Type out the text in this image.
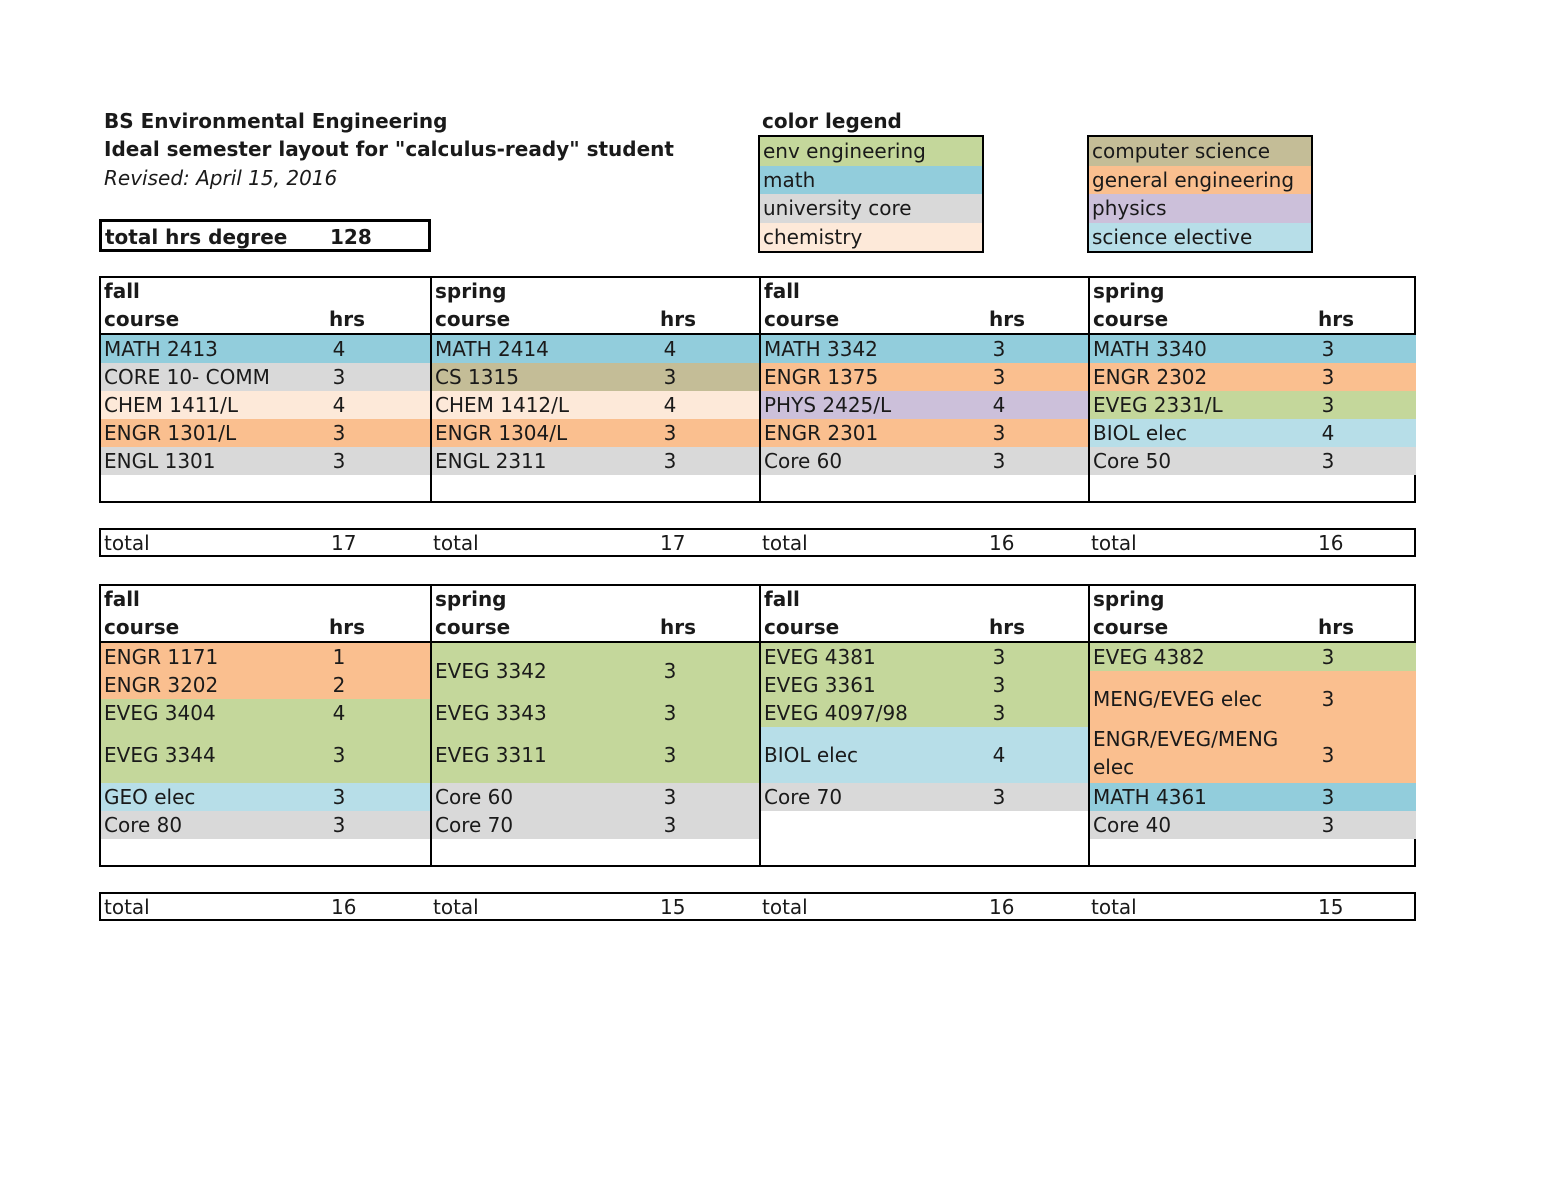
BS Environmental Engineering
Ideal semester layout for "calculus-ready" student
Revised: April 15, 2016
total hrs degree 128
color legend
env engineering
math
university core
chemistry
computer science
general engineering
physics
science elective
fall
course	hrs
MATH 2413	4
CORE 10- COMM	3
CHEM 1411/L	4
ENGR 1301/L	3
ENGL 1301	3
spring
course	hrs
MATH 2414	4
CS 1315	3
CHEM 1412/L	4
ENGR 1304/L	3
ENGL 2311	3
fall
course	hrs
MATH 3342	3
ENGR 1375	3
PHYS 2425/L	4
ENGR 2301	3
Core 60	3
spring
course	hrs
MATH 3340	3
ENGR 2302	3
EVEG 2331/L	3
BIOL elec	4
Core 50	3
total	17	total	17	total	16	total	16
fall
course	hrs
ENGR 1171	1
ENGR 3202	2
EVEG 3404	4
EVEG 3344	3
GEO elec	3
Core 80	3
spring
course	hrs
EVEG 3342	3
EVEG 3343	3
EVEG 3311	3
Core 60	3
Core 70	3
fall
course	hrs
EVEG 4381	3
EVEG 3361	3
EVEG 4097/98	3
BIOL elec	4
Core 70	3
spring
course	hrs
EVEG 4382	3
MENG/EVEG elec	3
ENGR/EVEG/MENG
elec	3
MATH 4361	3
Core 40	3
total	16	total	15	total	16	total	15
